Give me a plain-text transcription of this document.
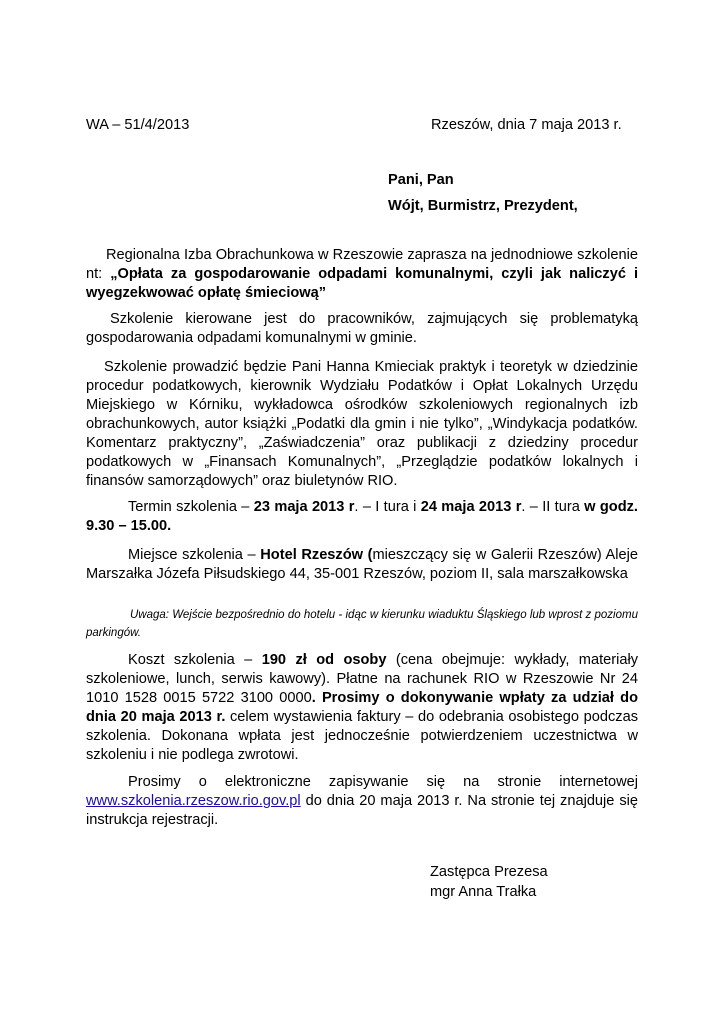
WA – 51/4/2013	Rzeszów, dnia 7 maja 2013 r.
Pani, Pan
Wójt, Burmistrz, Prezydent,
Regionalna Izba Obrachunkowa w Rzeszowie zaprasza na jednodniowe szkolenie nt: „Opłata za gospodarowanie odpadami komunalnymi, czyli jak naliczyć i wyegzekwować opłatę śmieciową”
Szkolenie kierowane jest do pracowników, zajmujących się problematyką gospodarowania odpadami komunalnymi w gminie.
Szkolenie prowadzić będzie Pani Hanna Kmieciak praktyk i teoretyk w dziedzinie procedur podatkowych, kierownik Wydziału Podatków i Opłat Lokalnych Urzędu Miejskiego w Kórniku, wykładowca ośrodków szkoleniowych regionalnych izb obrachunkowych, autor książki „Podatki dla gmin i nie tylko”, „Windykacja podatków. Komentarz praktyczny”, „Zaświadczenia” oraz publikacji z dziedziny procedur podatkowych w „Finansach Komunalnych”, „Przeglądzie podatków lokalnych i finansów samorządowych” oraz biuletynów RIO.
Termin szkolenia – 23 maja 2013 r. – I tura i 24 maja 2013 r. – II tura w godz. 9.30 – 15.00.
Miejsce szkolenia – Hotel Rzeszów (mieszczący się w Galerii Rzeszów) Aleje Marszałka Józefa Piłsudskiego 44, 35-001 Rzeszów, poziom II, sala marszałkowska
Uwaga: Wejście bezpośrednio do hotelu - idąc w kierunku wiaduktu Śląskiego lub wprost z poziomu parkingów.
Koszt szkolenia – 190 zł od osoby (cena obejmuje: wykłady, materiały szkoleniowe, lunch, serwis kawowy). Płatne na rachunek RIO w Rzeszowie Nr 24 1010 1528 0015 5722 3100 0000. Prosimy o dokonywanie wpłaty za udział do dnia 20 maja 2013 r. celem wystawienia faktury – do odebrania osobistego podczas szkolenia. Dokonana wpłata jest jednocześnie potwierdzeniem uczestnictwa w szkoleniu i nie podlega zwrotowi.
Prosimy o elektroniczne zapisywanie się na stronie internetowej www.szkolenia.rzeszow.rio.gov.pl do dnia 20 maja 2013 r. Na stronie tej znajduje się instrukcja rejestracji.
Zastępca Prezesa
mgr Anna Trałka
